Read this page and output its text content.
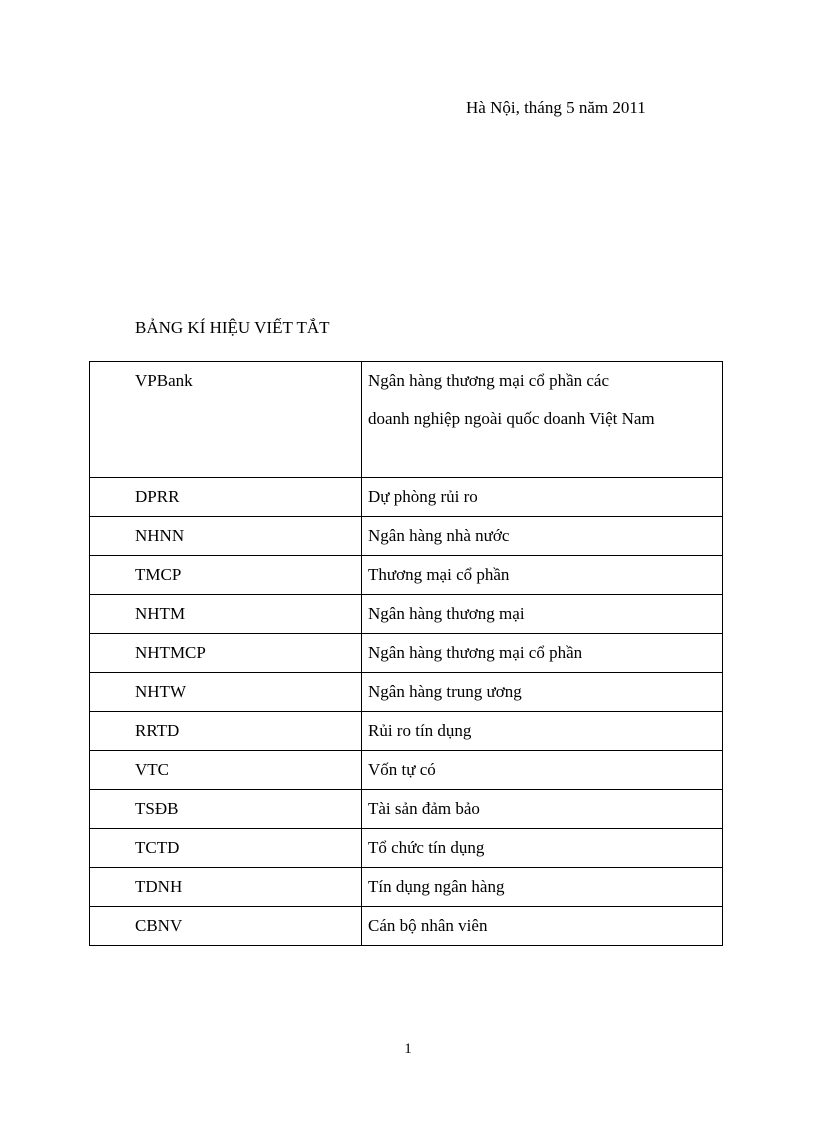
Hà Nội, tháng 5 năm 2011
BẢNG KÍ HIỆU VIẾT TẮT
VPBank	Ngân hàng thương mại cổ phần các
doanh nghiệp ngoài quốc doanh Việt Nam

DPRR	Dự phòng rủi ro
NHNN	Ngân hàng nhà nước
TMCP	Thương mại cổ phần
NHTM	Ngân hàng thương mại
NHTMCP	Ngân hàng thương mại cổ phần
NHTW	Ngân hàng trung ương
RRTD	Rủi ro tín dụng
VTC	Vốn tự có
TSĐB	Tài sản đảm bảo
TCTD	Tổ chức tín dụng
TDNH	Tín dụng ngân hàng
CBNV	Cán bộ nhân viên
1
